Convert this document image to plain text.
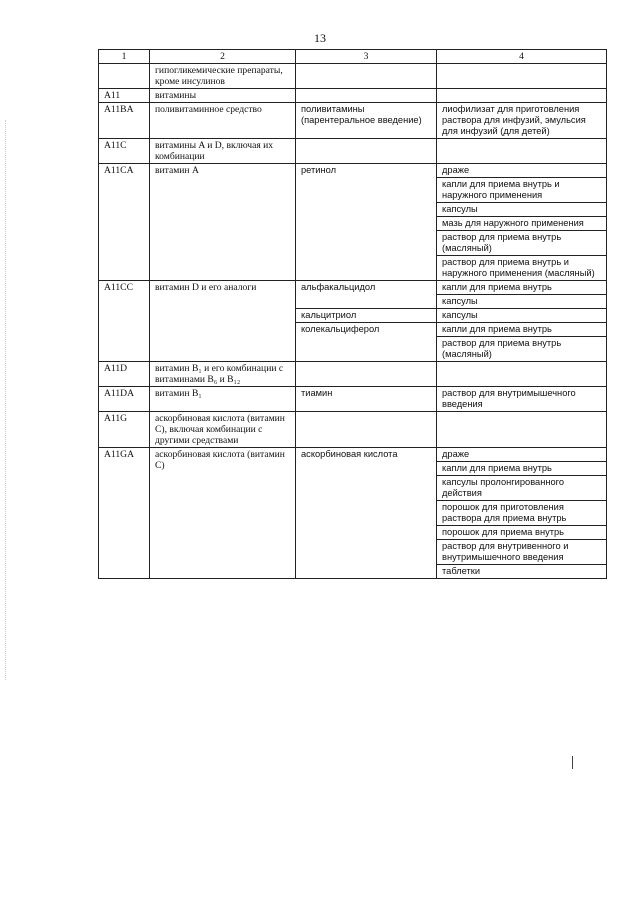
13
1	2	3	4
	гипогликемические препараты, кроме инсулинов		
A11	витамины		
A11BA	поливитаминное средство	поливитамины (парентеральное введение)	лиофилизат для приготовления раствора для инфузий, эмульсия для инфузий (для детей)
A11C	витамины A и D, включая их комбинации		
A11CA	витамин A	ретинол	драже
			капли для приема внутрь и наружного применения
			капсулы
			мазь для наружного применения
			раствор для приема внутрь (масляный)
			раствор для приема внутрь и наружного применения (масляный)
A11CC	витамин D и его аналоги	альфакальцидол	капли для приема внутрь
			капсулы
		кальцитриол	капсулы
		колекальциферол	капли для приема внутрь
			раствор для приема внутрь (масляный)
A11D	витамин B₁ и его комбинации с витаминами B₆ и B₁₂		
A11DA	витамин B₁	тиамин	раствор для внутримышечного введения
A11G	аскорбиновая кислота (витамин C), включая комбинации с другими средствами		
A11GA	аскорбиновая кислота (витамин C)	аскорбиновая кислота	драже
			капли для приема внутрь
			капсулы пролонгированного действия
			порошок для приготовления раствора для приема внутрь
			порошок для приема внутрь
			раствор для внутривенного и внутримышечного введения
			таблетки
